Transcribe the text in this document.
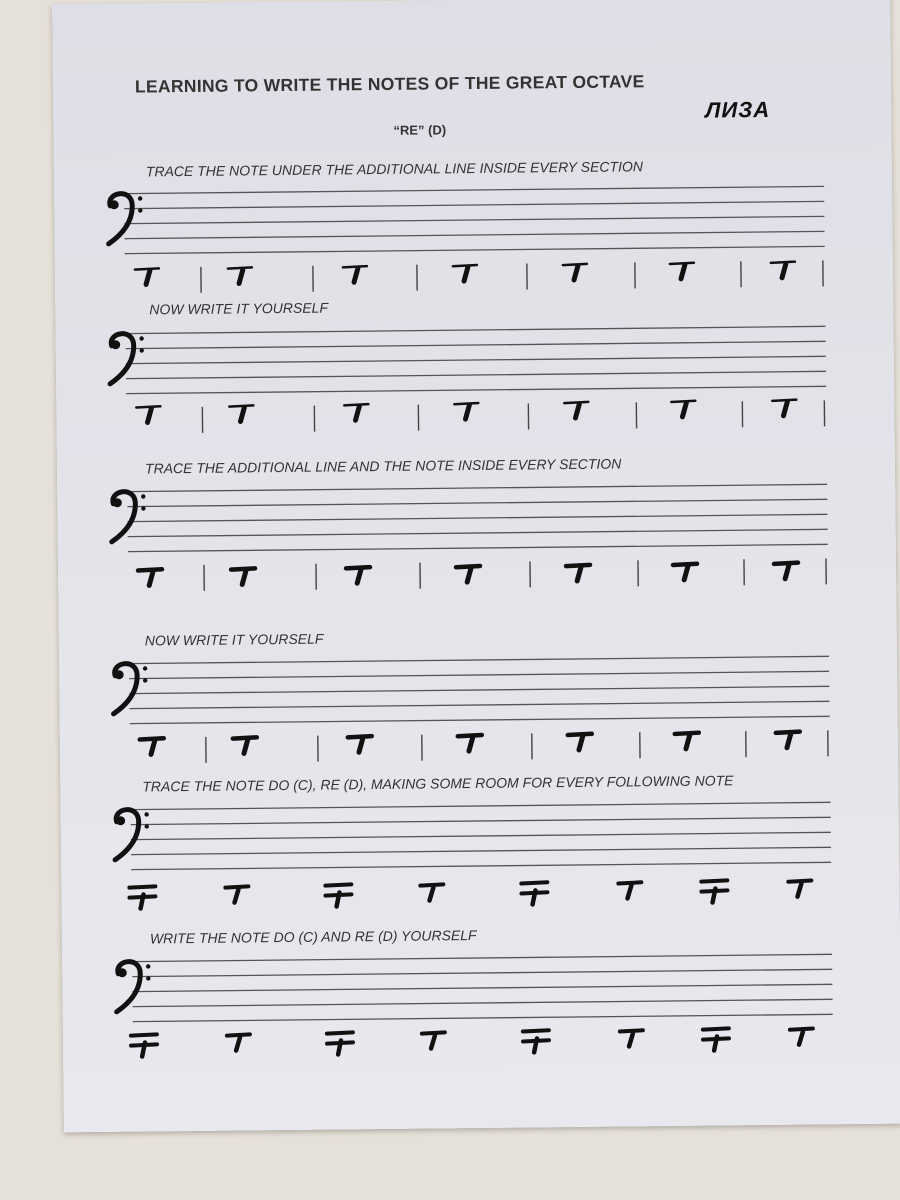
LEARNING TO WRITE THE NOTES OF THE GREAT OCTAVE
ЛИЗА
“RE” (D)

TRACE THE NOTE UNDER THE ADDITIONAL LINE INSIDE EVERY SECTION

NOW WRITE IT YOURSELF

TRACE THE ADDITIONAL LINE AND THE NOTE INSIDE EVERY SECTION

NOW WRITE IT YOURSELF

TRACE THE NOTE DO (C), RE (D), MAKING SOME ROOM FOR EVERY FOLLOWING NOTE

WRITE THE NOTE DO (C) AND RE (D) YOURSELF
